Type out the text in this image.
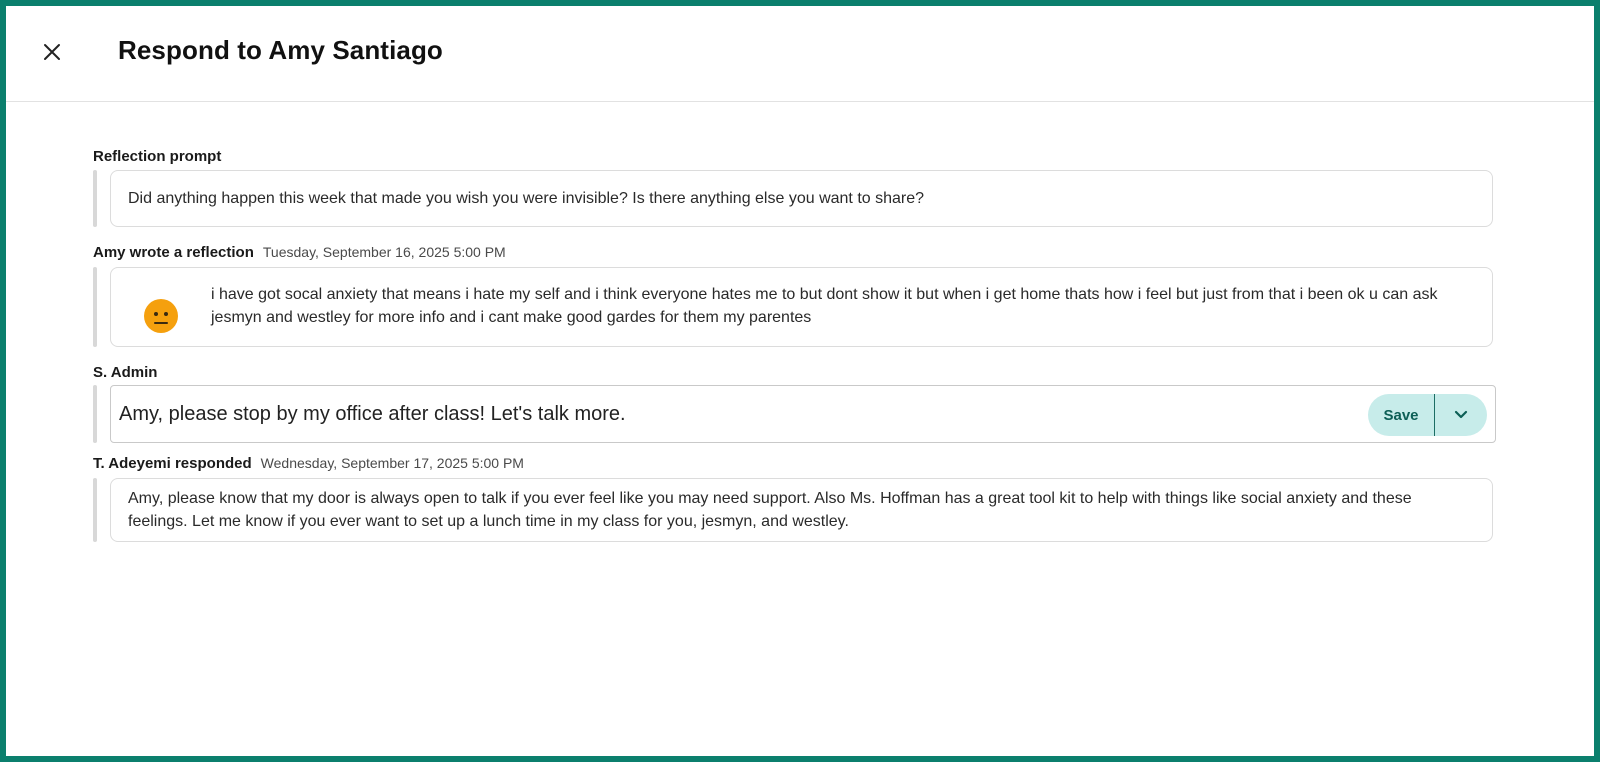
Respond to Amy Santiago
Reflection prompt
Did anything happen this week that made you wish you were invisible? Is there anything else you want to share?
Amy wrote a reflection Tuesday, September 16, 2025 5:00 PM
i have got socal anxiety that means i hate my self and i think everyone hates me to but dont show it but when i get home thats how i feel but just from that i been ok u can ask jesmyn and westley for more info and i cant make good gardes for them my parentes
S. Admin
Amy, please stop by my office after class! Let's talk more.	Save
T. Adeyemi responded Wednesday, September 17, 2025 5:00 PM
Amy, please know that my door is always open to talk if you ever feel like you may need support. Also Ms. Hoffman has a great tool kit to help with things like social anxiety and these feelings. Let me know if you ever want to set up a lunch time in my class for you, jesmyn, and westley.
